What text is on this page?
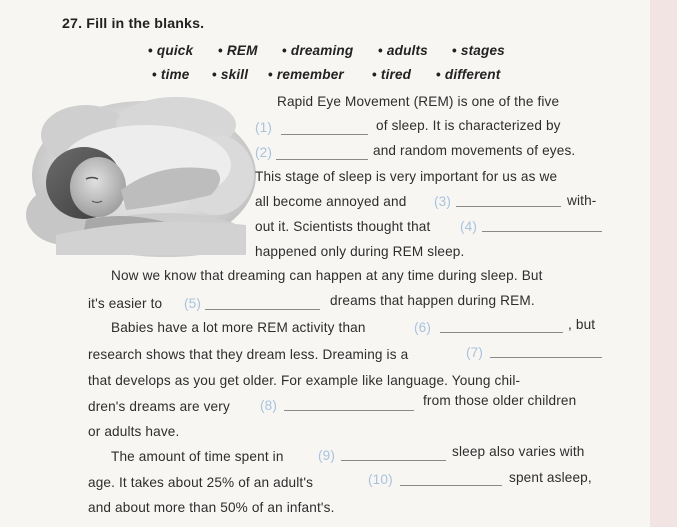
27. Fill in the blanks.
• quick • REM • dreaming • adults • stages
• time • skill • remember • tired • different
Rapid Eye Movement (REM) is one of the five
(1)	of sleep. It is characterized by
(2)	and random movements of eyes.
This stage of sleep is very important for us as we
all become annoyed and (3)	with-
out it. Scientists thought that (4)
happened only during REM sleep.
Now we know that dreaming can happen at any time during sleep. But
it's easier to (5)	dreams that happen during REM.
Babies have a lot more REM activity than	(6)	, but
research shows that they dream less. Dreaming is a	(7)
that develops as you get older. For example like language. Young chil-
dren's dreams are very (8)	from those older children
or adults have.
The amount of time spent in	(9)	sleep also varies with
age. It takes about 25% of an adult's	(10)	spent asleep,
and about more than 50% of an infant's.
